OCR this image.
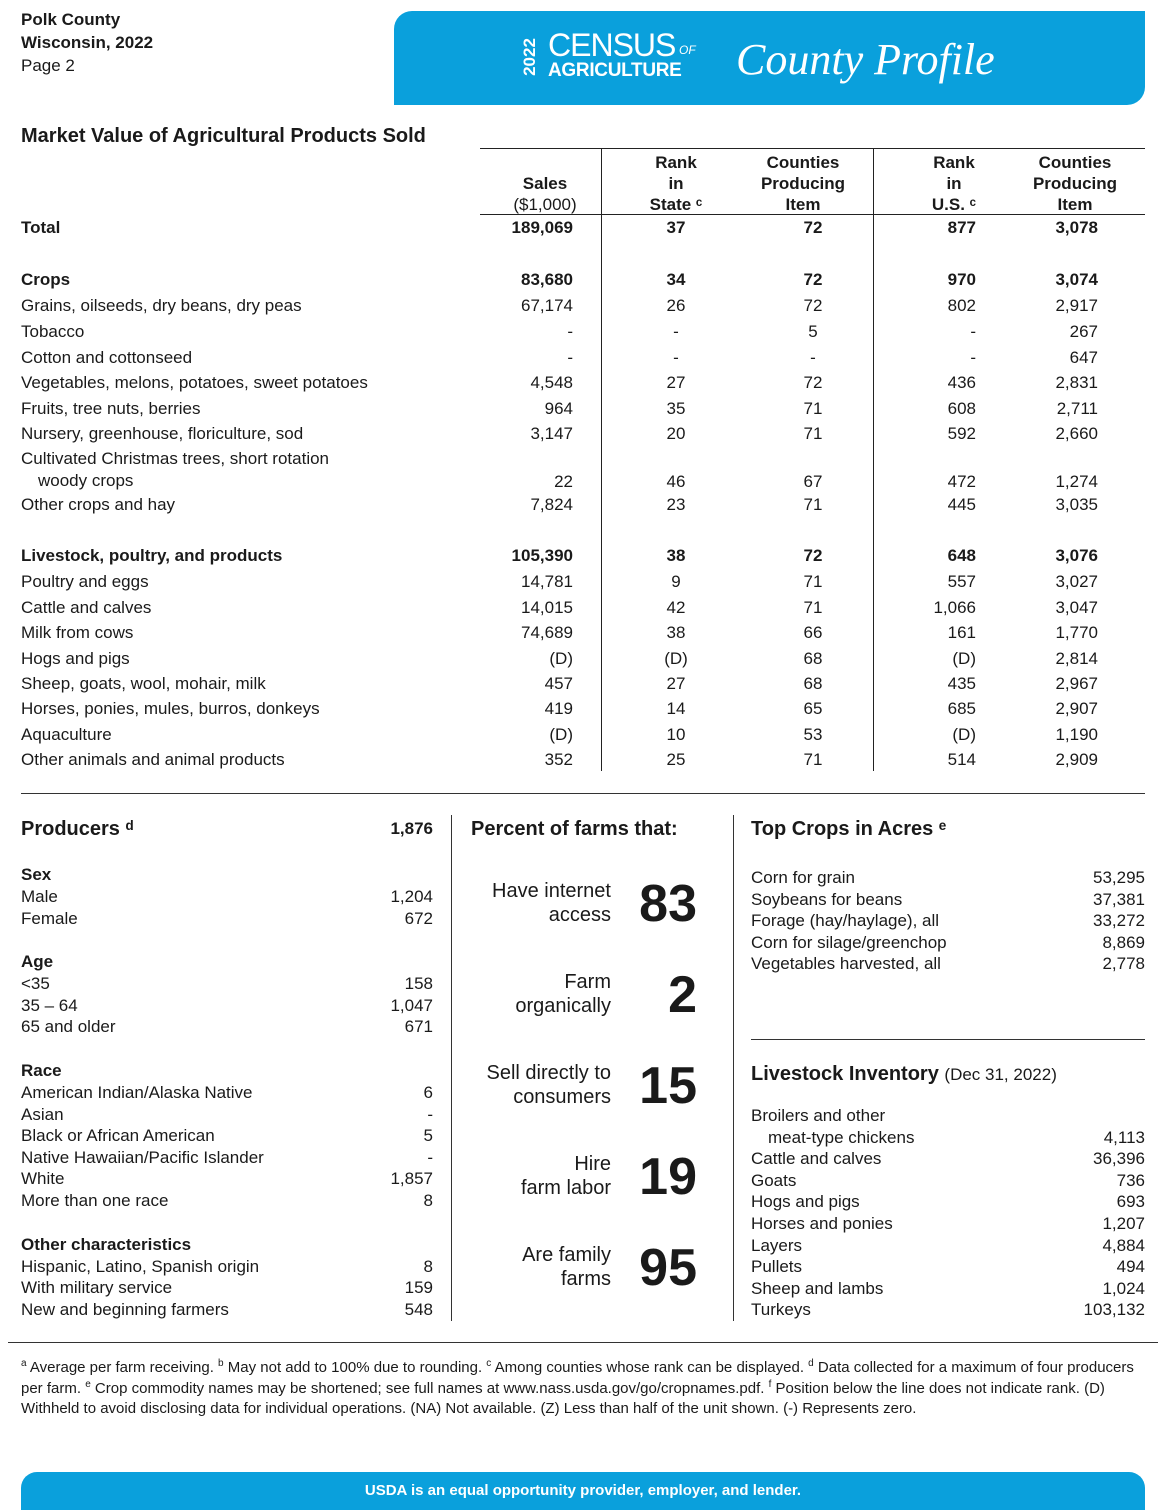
Polk County
Wisconsin, 2022
Page 2	2022 CENSUS OF
AGRICULTURE County Profile
Market Value of Agricultural Products Sold
Sales
($1,000)
Rank
in
State ᶜ
Counties
Producing
Item
Rank
in
U.S. ᶜ
Counties
Producing
Item
Total	189,069	37	72	877	3,078
Crops	83,680	34	72	970	3,074
Grains, oilseeds, dry beans, dry peas	67,174	26	72	802	2,917
Tobacco	-	-	5	-	267
Cotton and cottonseed	-	-	-	-	647
Vegetables, melons, potatoes, sweet potatoes	4,548	27	72	436	2,831
Fruits, tree nuts, berries	964	35	71	608	2,711
Nursery, greenhouse, floriculture, sod	3,147	20	71	592	2,660
Cultivated Christmas trees, short rotation
woody crops	22	46	67	472	1,274
Other crops and hay	7,824	23	71	445	3,035
Livestock, poultry, and products	105,390	38	72	648	3,076
Poultry and eggs	14,781	9	71	557	3,027
Cattle and calves	14,015	42	71	1,066	3,047
Milk from cows	74,689	38	66	161	1,770
Hogs and pigs	(D)	(D)	68	(D)	2,814
Sheep, goats, wool, mohair, milk	457	27	68	435	2,967
Horses, ponies, mules, burros, donkeys	419	14	65	685	2,907
Aquaculture	(D)	10	53	(D)	1,190
Other animals and animal products	352	25	71	514	2,909
Producers ᵈ	1,876
Sex
Male	1,204
Female	672
Age
<35	158
35 – 64	1,047
65 and older	671
Race
American Indian/Alaska Native	6
Asian	-
Black or African American	5
Native Hawaiian/Pacific Islander	-
White	1,857
More than one race	8
Other characteristics
Hispanic, Latino, Spanish origin	8
With military service	159
New and beginning farmers	548
Percent of farms that:
Have internet
access 83
Farm
organically	2
Sell directly to
consumers 15
Hire
farm labor 19
Are family
farms 95
Top Crops in Acres ᵉ
Corn for grain	53,295
Soybeans for beans	37,381
Forage (hay/haylage), all	33,272
Corn for silage/greenchop	8,869
Vegetables harvested, all	2,778
Livestock Inventory (Dec 31, 2022)
Broilers and other
meat-type chickens	4,113
Cattle and calves	36,396
Goats	736
Hogs and pigs	693
Horses and ponies	1,207
Layers	4,884
Pullets	494
Sheep and lambs	1,024
Turkeys	103,132
$^a$ Average per farm receiving. $^b$ May not add to 100% due to rounding. $^c$ Among counties whose rank can be displayed. $^d$ Data collected for a maximum of four producers per farm. $^e$ Crop commodity names may be shortened; see full names at www.nass.usda.gov/go/cropnames.pdf. $^f$ Position below the line does not indicate rank. (D) Withheld to avoid disclosing data for individual operations. (NA) Not available. (Z) Less than half of the unit shown. (-) Represents zero.
USDA is an equal opportunity provider, employer, and lender.
